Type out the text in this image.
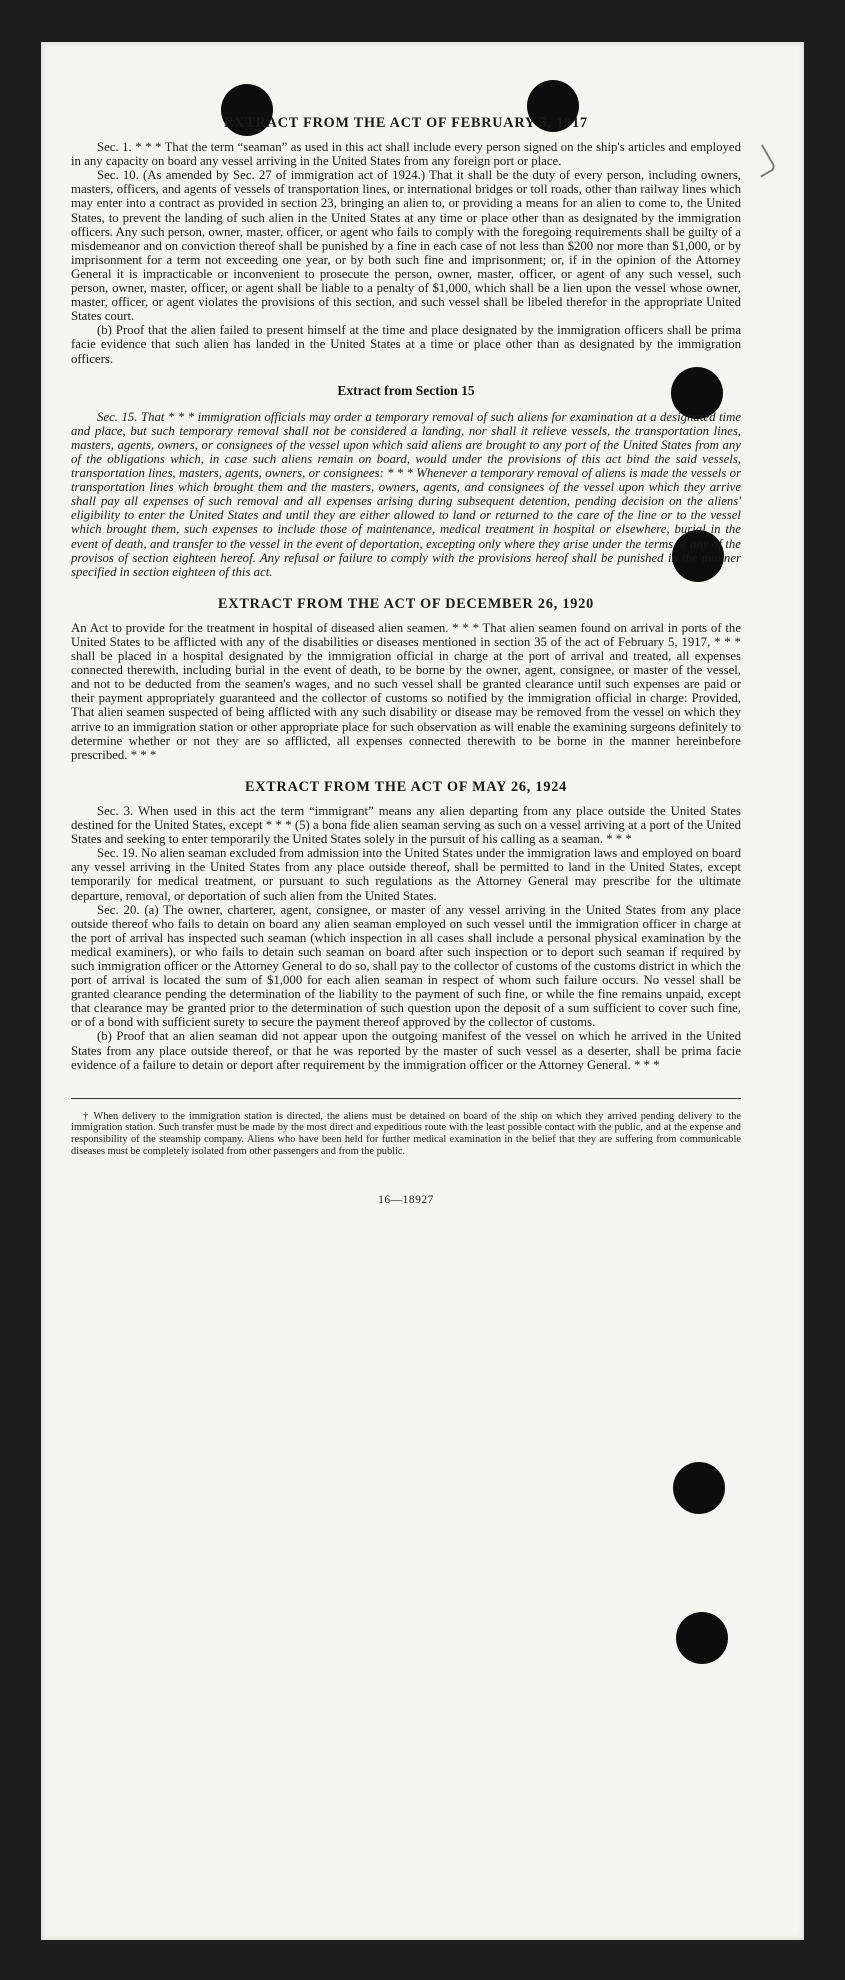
EXTRACT FROM THE ACT OF FEBRUARY 5, 1917

Sec. 1. * * * That the term “seaman” as used in this act shall include every person signed on the ship's articles and employed in any capacity on board any vessel arriving in the United States from any foreign port or place.

Sec. 10. (As amended by Sec. 27 of immigration act of 1924.) That it shall be the duty of every person, including owners, masters, officers, and agents of vessels of transportation lines, or international bridges or toll roads, other than railway lines which may enter into a contract as provided in section 23, bringing an alien to, or providing a means for an alien to come to, the United States, to prevent the landing of such alien in the United States at any time or place other than as designated by the immigration officers. Any such person, owner, master, officer, or agent who fails to comply with the foregoing requirements shall be guilty of a misdemeanor and on conviction thereof shall be punished by a fine in each case of not less than $200 nor more than $1,000, or by imprisonment for a term not exceeding one year, or by both such fine and imprisonment; or, if in the opinion of the Attorney General it is impracticable or inconvenient to prosecute the person, owner, master, officer, or agent of any such vessel, such person, owner, master, officer, or agent shall be liable to a penalty of $1,000, which shall be a lien upon the vessel whose owner, master, officer, or agent violates the provisions of this section, and such vessel shall be libeled therefor in the appropriate United States court.

(b) Proof that the alien failed to present himself at the time and place designated by the immigration officers shall be prima facie evidence that such alien has landed in the United States at a time or place other than as designated by the immigration officers.

Extract from Section 15

Sec. 15. That * * * immigration officials may order a temporary removal of such aliens for examination at a designated time and place, but such temporary removal shall not be considered a landing, nor shall it relieve vessels, the transportation lines, masters, agents, owners, or consignees of the vessel upon which said aliens are brought to any port of the United States from any of the obligations which, in case such aliens remain on board, would under the provisions of this act bind the said vessels, transportation lines, masters, agents, owners, or consignees: * * * Whenever a temporary removal of aliens is made the vessels or transportation lines which brought them and the masters, owners, agents, and consignees of the vessel upon which they arrive shall pay all expenses of such removal and all expenses arising during subsequent detention, pending decision on the aliens' eligibility to enter the United States and until they are either allowed to land or returned to the care of the line or to the vessel which brought them, such expenses to include those of maintenance, medical treatment in hospital or elsewhere, burial in the event of death, and transfer to the vessel in the event of deportation, excepting only where they arise under the terms of any of the provisos of section eighteen hereof. Any refusal or failure to comply with the provisions hereof shall be punished in the manner specified in section eighteen of this act.

EXTRACT FROM THE ACT OF DECEMBER 26, 1920

An Act to provide for the treatment in hospital of diseased alien seamen. * * * That alien seamen found on arrival in ports of the United States to be afflicted with any of the disabilities or diseases mentioned in section 35 of the act of February 5, 1917, * * * shall be placed in a hospital designated by the immigration official in charge at the port of arrival and treated, all expenses connected therewith, including burial in the event of death, to be borne by the owner, agent, consignee, or master of the vessel, and not to be deducted from the seamen's wages, and no such vessel shall be granted clearance until such expenses are paid or their payment appropriately guaranteed and the collector of customs so notified by the immigration official in charge: Provided, That alien seamen suspected of being afflicted with any such disability or disease may be removed from the vessel on which they arrive to an immigration station or other appropriate place for such observation as will enable the examining surgeons definitely to determine whether or not they are so afflicted, all expenses connected therewith to be borne in the manner hereinbefore prescribed. * * *

EXTRACT FROM THE ACT OF MAY 26, 1924

Sec. 3. When used in this act the term “immigrant” means any alien departing from any place outside the United States destined for the United States, except * * * (5) a bona fide alien seaman serving as such on a vessel arriving at a port of the United States and seeking to enter temporarily the United States solely in the pursuit of his calling as a seaman. * * *

Sec. 19. No alien seaman excluded from admission into the United States under the immigration laws and employed on board any vessel arriving in the United States from any place outside thereof, shall be permitted to land in the United States, except temporarily for medical treatment, or pursuant to such regulations as the Attorney General may prescribe for the ultimate departure, removal, or deportation of such alien from the United States.

Sec. 20. (a) The owner, charterer, agent, consignee, or master of any vessel arriving in the United States from any place outside thereof who fails to detain on board any alien seaman employed on such vessel until the immigration officer in charge at the port of arrival has inspected such seaman (which inspection in all cases shall include a personal physical examination by the medical examiners), or who fails to detain such seaman on board after such inspection or to deport such seaman if required by such immigration officer or the Attorney General to do so, shall pay to the collector of customs of the customs district in which the port of arrival is located the sum of $1,000 for each alien seaman in respect of whom such failure occurs. No vessel shall be granted clearance pending the determination of the liability to the payment of such fine, or while the fine remains unpaid, except that clearance may be granted prior to the determination of such question upon the deposit of a sum sufficient to cover such fine, or of a bond with sufficient surety to secure the payment thereof approved by the collector of customs.

(b) Proof that an alien seaman did not appear upon the outgoing manifest of the vessel on which he arrived in the United States from any place outside thereof, or that he was reported by the master of such vessel as a deserter, shall be prima facie evidence of a failure to detain or deport after requirement by the immigration officer or the Attorney General. * * *

† When delivery to the immigration station is directed, the aliens must be detained on board of the ship on which they arrived pending delivery to the immigration station. Such transfer must be made by the most direct and expeditious route with the least possible contact with the public, and at the expense and responsibility of the steamship company. Aliens who have been held for further medical examination in the belief that they are suffering from communicable diseases must be completely isolated from other passengers and from the public.

16—18927
